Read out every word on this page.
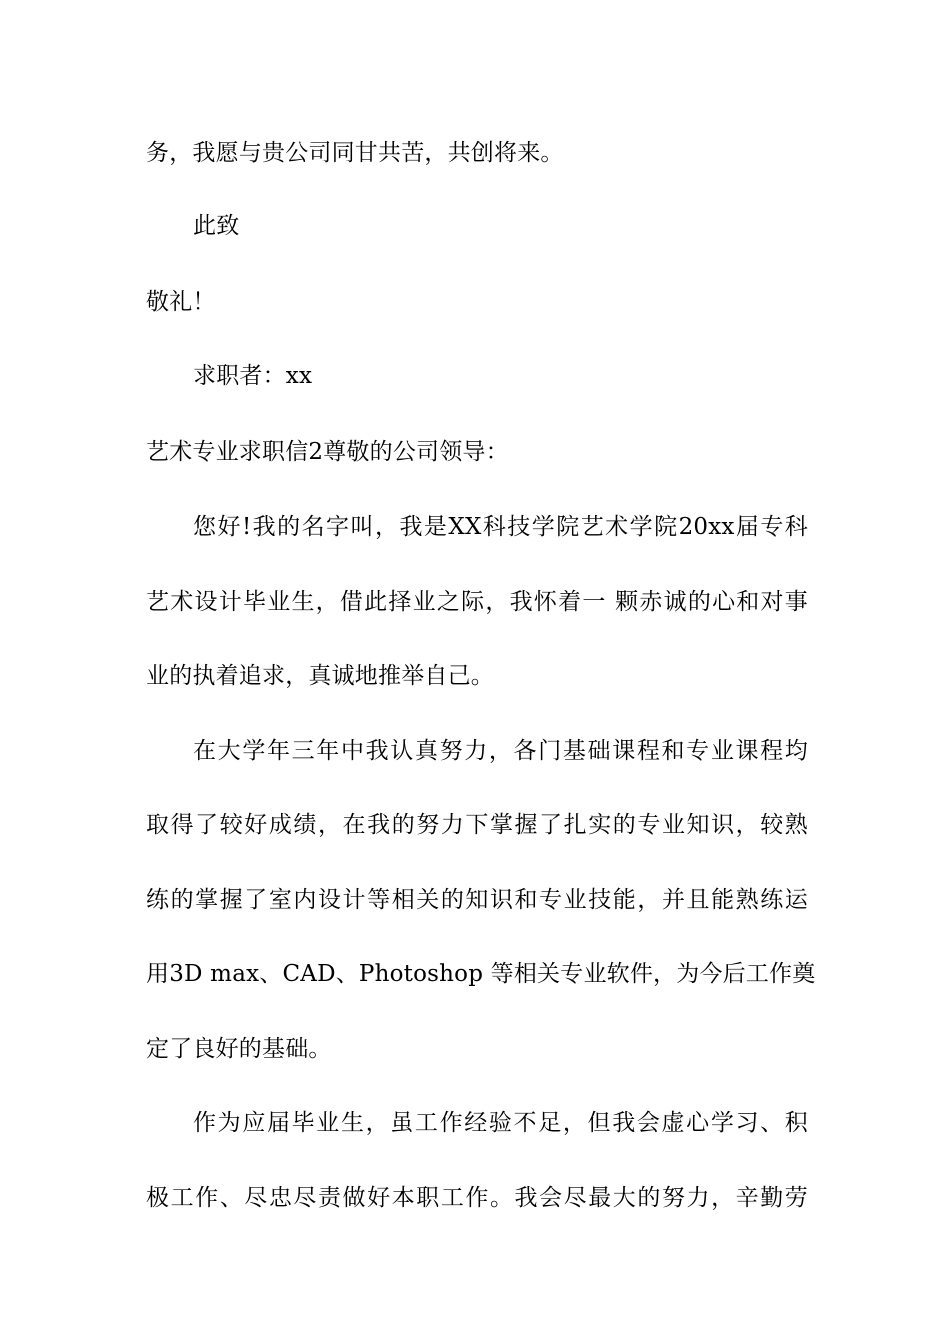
务，我愿与贵公司同甘共苦，共创将来。
此致
敬礼！
求职者：xx
艺术专业求职信2尊敬的公司领导：
您好!我的名字叫，我是XX科技学院艺术学院20xx届专科
艺术设计毕业生，借此择业之际，我怀着一 颗赤诚的心和对事
业的执着追求，真诚地推举自己。
在大学年三年中我认真努力，各门基础课程和专业课程均
取得了较好成绩，在我的努力下掌握了扎实的专业知识，较熟
练的掌握了室内设计等相关的知识和专业技能，并且能熟练运
用3D max、CAD、Photoshop 等相关专业软件，为今后工作奠
定了良好的基础。
作为应届毕业生，虽工作经验不足，但我会虚心学习、积
极工作、尽忠尽责做好本职工作。我会尽最大的努力，辛勤劳
